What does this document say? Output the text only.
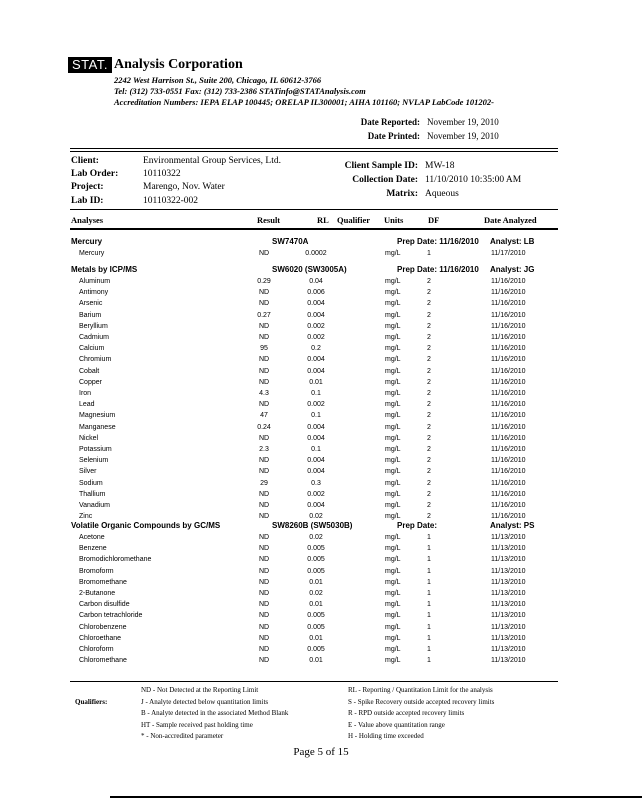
STAT. Analysis Corporation
2242 West Harrison St., Suite 200, Chicago, IL 60612-3766
Tel: (312) 733-0551 Fax: (312) 733-2386 STATinfo@STATAnalysis.com
Accreditation Numbers: IEPA ELAP 100445; ORELAP IL300001; AIHA 101160; NVLAP LabCode 101202-
Date Reported: November 19, 2010
Date Printed: November 19, 2010
Client:	Environmental Group Services, Ltd.
Lab Order:	10110322
Project:	Marengo, Nov. Water
Lab ID:	10110322-002
Client Sample ID: MW-18
Collection Date: 11/10/2010 10:35:00 AM
Matrix: Aqueous
Analyses	Result	RL Qualifier Units	DF	Date Analyzed
Mercury	SW7470A	Prep Date: 11/16/2010 Analyst: LB
Mercury	ND	0.0002	mg/L	1	11/17/2010
Metals by ICP/MS	SW6020 (SW3005A)	Prep Date: 11/16/2010 Analyst: JG
Aluminum	0.29	0.04	mg/L	2	11/16/2010
Antimony	ND	0.006	mg/L	2	11/16/2010
Arsenic	ND	0.004	mg/L	2	11/16/2010
Barium	0.27	0.004	mg/L	2	11/16/2010
Beryllium	ND	0.002	mg/L	2	11/16/2010
Cadmium	ND	0.002	mg/L	2	11/16/2010
Calcium	95	0.2	mg/L	2	11/16/2010
Chromium	ND	0.004	mg/L	2	11/16/2010
Cobalt	ND	0.004	mg/L	2	11/16/2010
Copper	ND	0.01	mg/L	2	11/16/2010
Iron	4.3	0.1	mg/L	2	11/16/2010
Lead	ND	0.002	mg/L	2	11/16/2010
Magnesium	47	0.1	mg/L	2	11/16/2010
Manganese	0.24	0.004	mg/L	2	11/16/2010
Nickel	ND	0.004	mg/L	2	11/16/2010
Potassium	2.3	0.1	mg/L	2	11/16/2010
Selenium	ND	0.004	mg/L	2	11/16/2010
Silver	ND	0.004	mg/L	2	11/16/2010
Sodium	29	0.3	mg/L	2	11/16/2010
Thallium	ND	0.002	mg/L	2	11/16/2010
Vanadium	ND	0.004	mg/L	2	11/16/2010
Zinc	ND	0.02	mg/L	2	11/16/2010
Volatile Organic Compounds by GC/MS	SW8260B (SW5030B)	Prep Date:	Analyst: PS
Acetone	ND	0.02	mg/L	1	11/13/2010
Benzene	ND	0.005	mg/L	1	11/13/2010
Bromodichloromethane	ND	0.005	mg/L	1	11/13/2010
Bromoform	ND	0.005	mg/L	1	11/13/2010
Bromomethane	ND	0.01	mg/L	1	11/13/2010
2-Butanone	ND	0.02	mg/L	1	11/13/2010
Carbon disulfide	ND	0.01	mg/L	1	11/13/2010
Carbon tetrachloride	ND	0.005	mg/L	1	11/13/2010
Chlorobenzene	ND	0.005	mg/L	1	11/13/2010
Chloroethane	ND	0.01	mg/L	1	11/13/2010
Chloroform	ND	0.005	mg/L	1	11/13/2010
Chloromethane	ND	0.01	mg/L	1	11/13/2010
Qualifiers:
ND - Not Detected at the Reporting Limit
J - Analyte detected below quantitation limits
B - Analyte detected in the associated Method Blank
HT - Sample received past holding time
* - Non-accredited parameter
RL - Reporting / Quantitation Limit for the analysis
S - Spike Recovery outside accepted recovery limits
R - RPD outside accepted recovery limits
E - Value above quantitation range
H - Holding time exceeded
Page 5 of 15
